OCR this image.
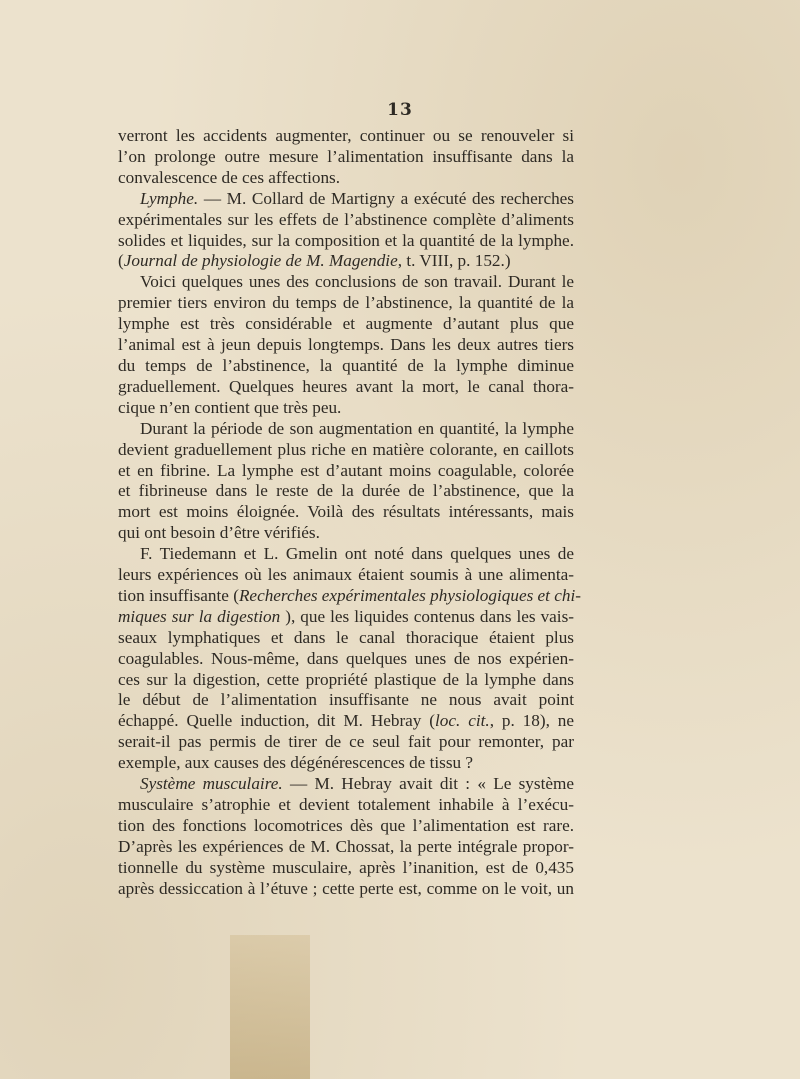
13
verront les accidents augmenter, continuer ou se renouveler si
l’on prolonge outre mesure l’alimentation insuffisante dans la
convalescence de ces affections.
Lymphe. — M. Collard de Martigny a exécuté des recherches
expérimentales sur les effets de l’abstinence complète d’aliments
solides et liquides, sur la composition et la quantité de la lymphe.
(Journal de physiologie de M. Magendie, t. VIII, p. 152.)
Voici quelques unes des conclusions de son travail. Durant le
premier tiers environ du temps de l’abstinence, la quantité de la
lymphe est très considérable et augmente d’autant plus que
l’animal est à jeun depuis longtemps. Dans les deux autres tiers
du temps de l’abstinence, la quantité de la lymphe diminue
graduellement. Quelques heures avant la mort, le canal thora-
cique n’en contient que très peu.
Durant la période de son augmentation en quantité, la lymphe
devient graduellement plus riche en matière colorante, en caillots
et en fibrine. La lymphe est d’autant moins coagulable, colorée
et fibrineuse dans le reste de la durée de l’abstinence, que la
mort est moins éloignée. Voilà des résultats intéressants, mais
qui ont besoin d’être vérifiés.
F. Tiedemann et L. Gmelin ont noté dans quelques unes de
leurs expériences où les animaux étaient soumis à une alimenta-
tion insuffisante (Recherches expérimentales physiologiques et chi-
miques sur la digestion ), que les liquides contenus dans les vais-
seaux lymphatiques et dans le canal thoracique étaient plus
coagulables. Nous-même, dans quelques unes de nos expérien-
ces sur la digestion, cette propriété plastique de la lymphe dans
le début de l’alimentation insuffisante ne nous avait point
échappé. Quelle induction, dit M. Hebray (loc. cit., p. 18), ne
serait-il pas permis de tirer de ce seul fait pour remonter, par
exemple, aux causes des dégénérescences de tissu ?
Système musculaire. — M. Hebray avait dit : « Le système
musculaire s’atrophie et devient totalement inhabile à l’exécu-
tion des fonctions locomotrices dès que l’alimentation est rare.
D’après les expériences de M. Chossat, la perte intégrale propor-
tionnelle du système musculaire, après l’inanition, est de 0,435
après dessiccation à l’étuve ; cette perte est, comme on le voit, un
